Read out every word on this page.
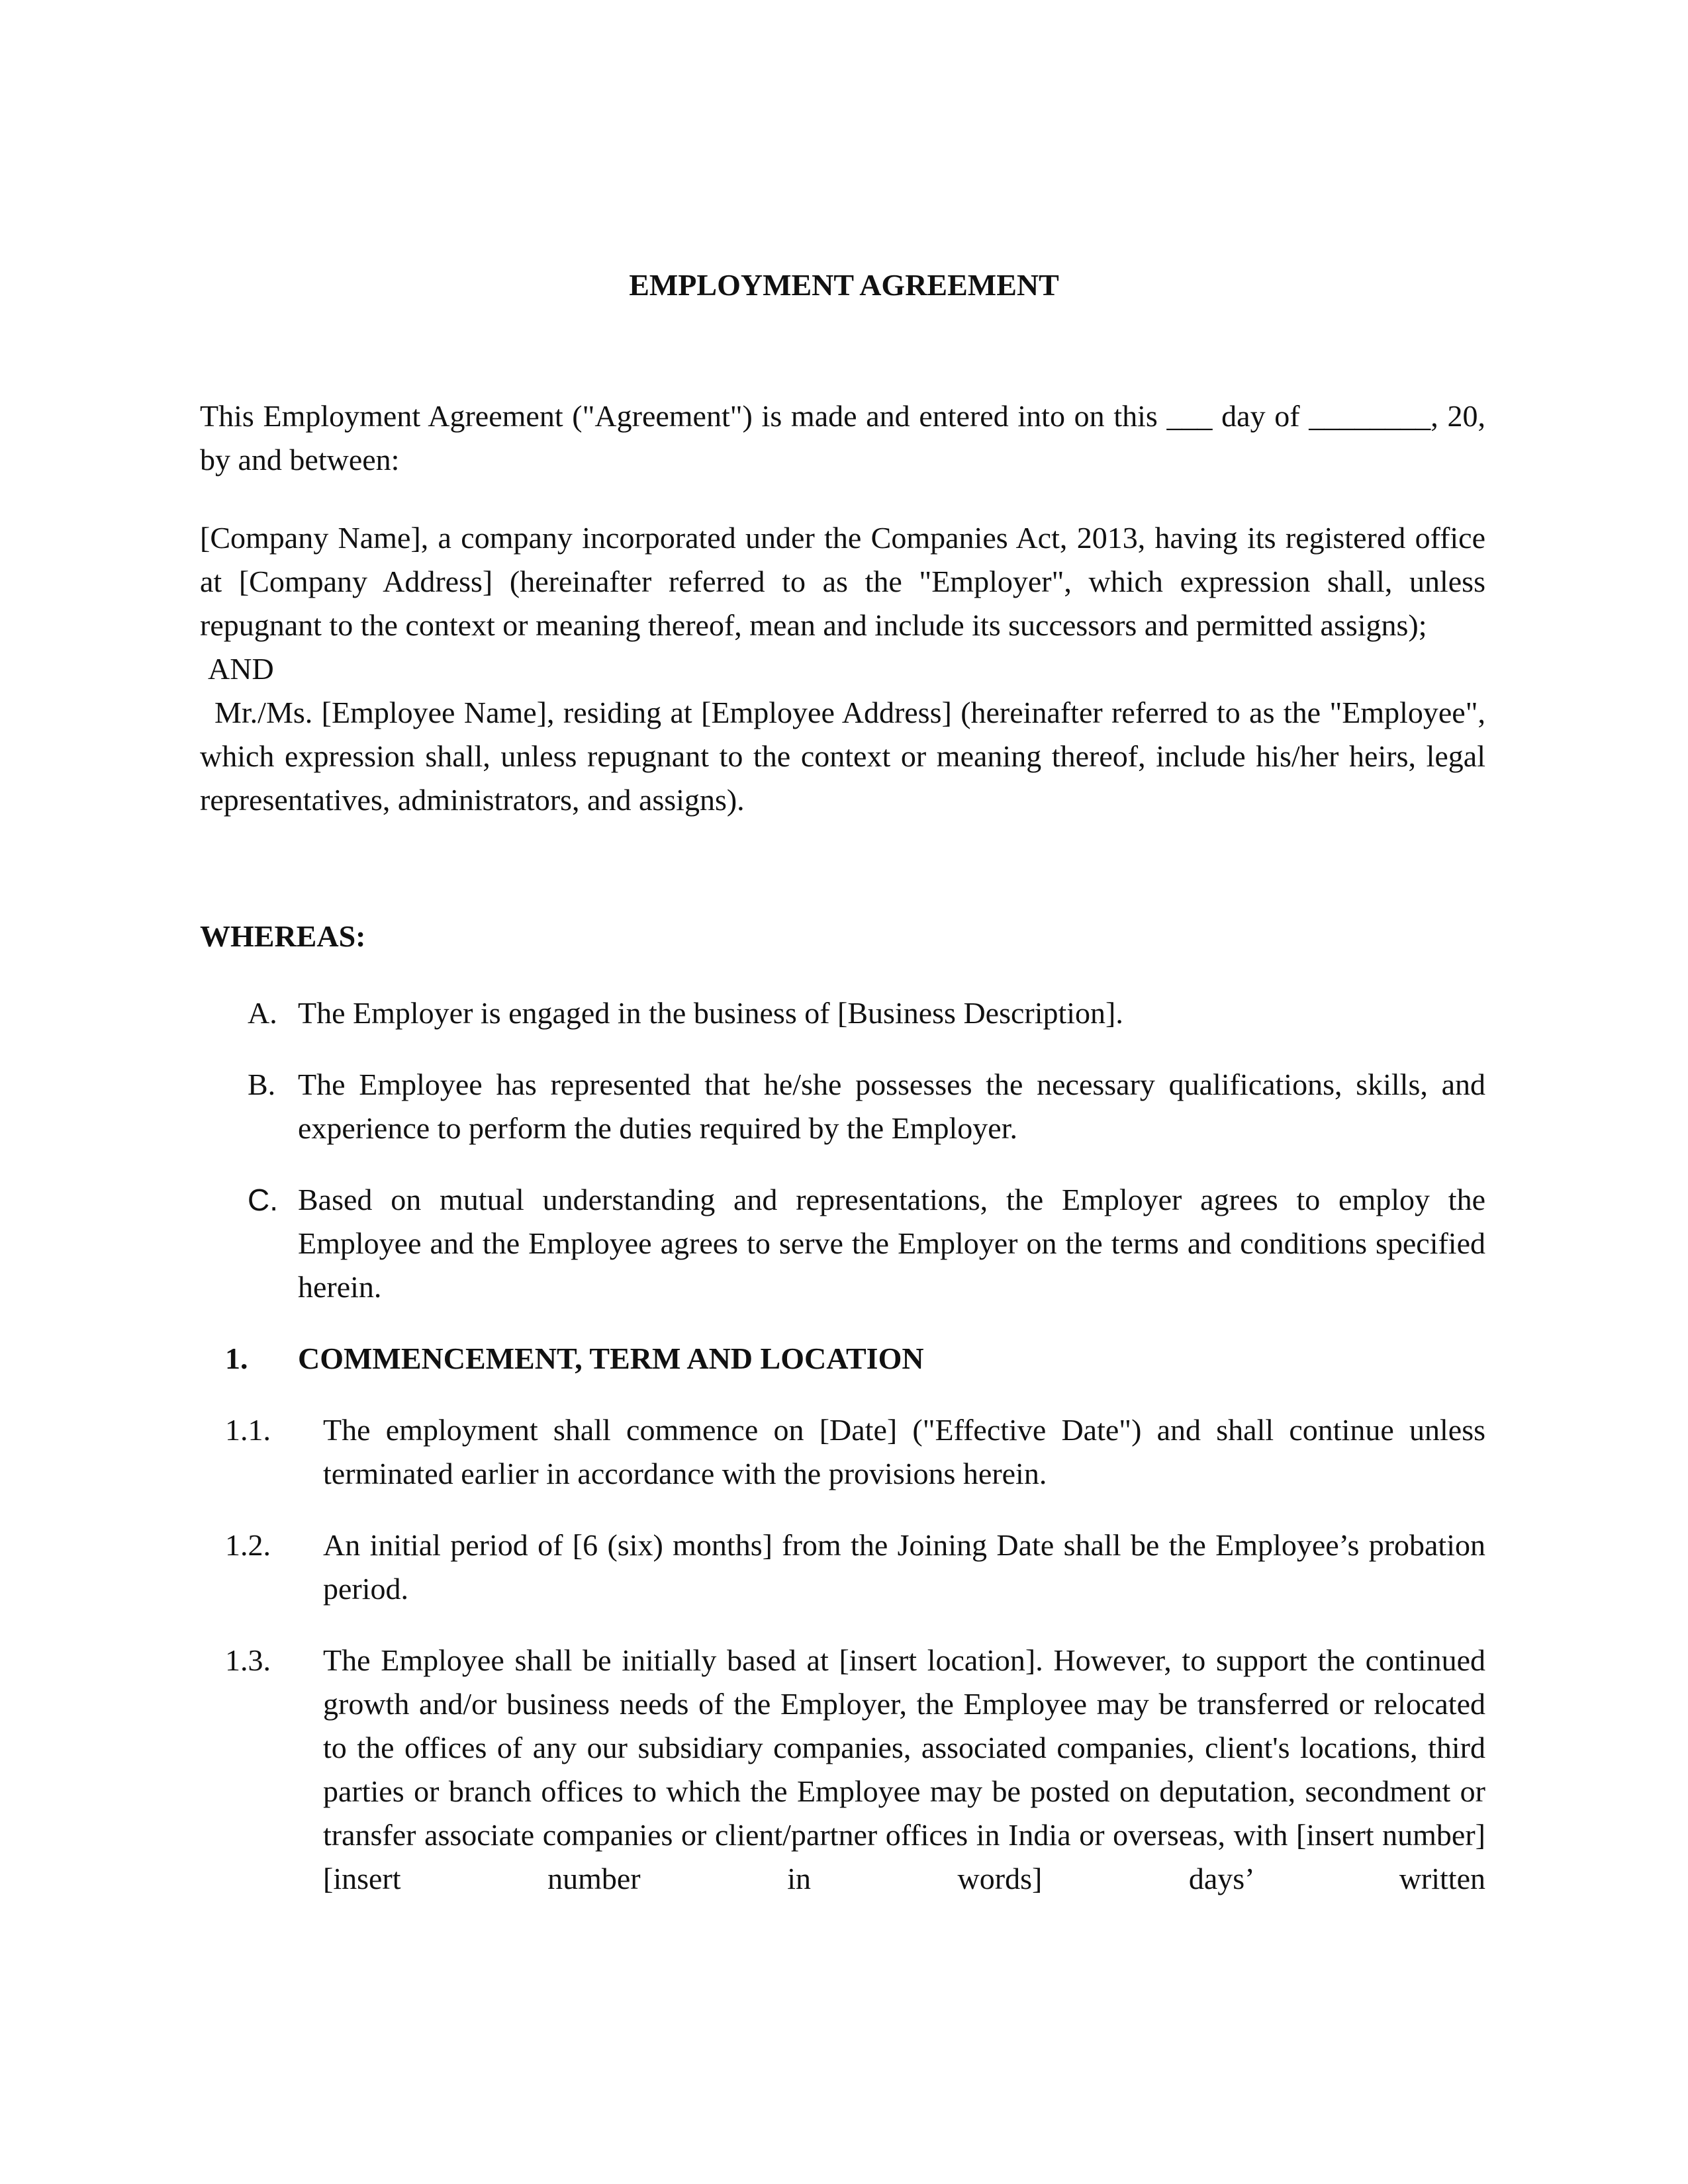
EMPLOYMENT AGREEMENT

This Employment Agreement ("Agreement") is made and entered into on this ___ day of ________, 20, by and between:

[Company Name], a company incorporated under the Companies Act, 2013, having its registered office at [Company Address] (hereinafter referred to as the "Employer", which expression shall, unless repugnant to the context or meaning thereof, mean and include its successors and permitted assigns);

AND

Mr./Ms. [Employee Name], residing at [Employee Address] (hereinafter referred to as the "Employee", which expression shall, unless repugnant to the context or meaning thereof, include his/her heirs, legal representatives, administrators, and assigns).

WHEREAS:

A. The Employer is engaged in the business of [Business Description].
B. The Employee has represented that he/she possesses the necessary qualifications, skills, and experience to perform the duties required by the Employer.
C. Based on mutual understanding and representations, the Employer agrees to employ the Employee and the Employee agrees to serve the Employer on the terms and conditions specified herein.
1.	COMMENCEMENT, TERM AND LOCATION
1.1.	The employment shall commence on [Date] ("Effective Date") and shall continue unless terminated earlier in accordance with the provisions herein.
1.2.	An initial period of [6 (six) months] from the Joining Date shall be the Employee’s probation period.
1.3.	The Employee shall be initially based at [insert location]. However, to support the continued growth and/or business needs of the Employer, the Employee may be transferred or relocated to the offices of any our subsidiary companies, associated companies, client's locations, third parties or branch offices to which the Employee may be posted on deputation, secondment or transfer associate companies or client/partner offices in India or overseas, with [insert number] [insert number in words] days’ written
